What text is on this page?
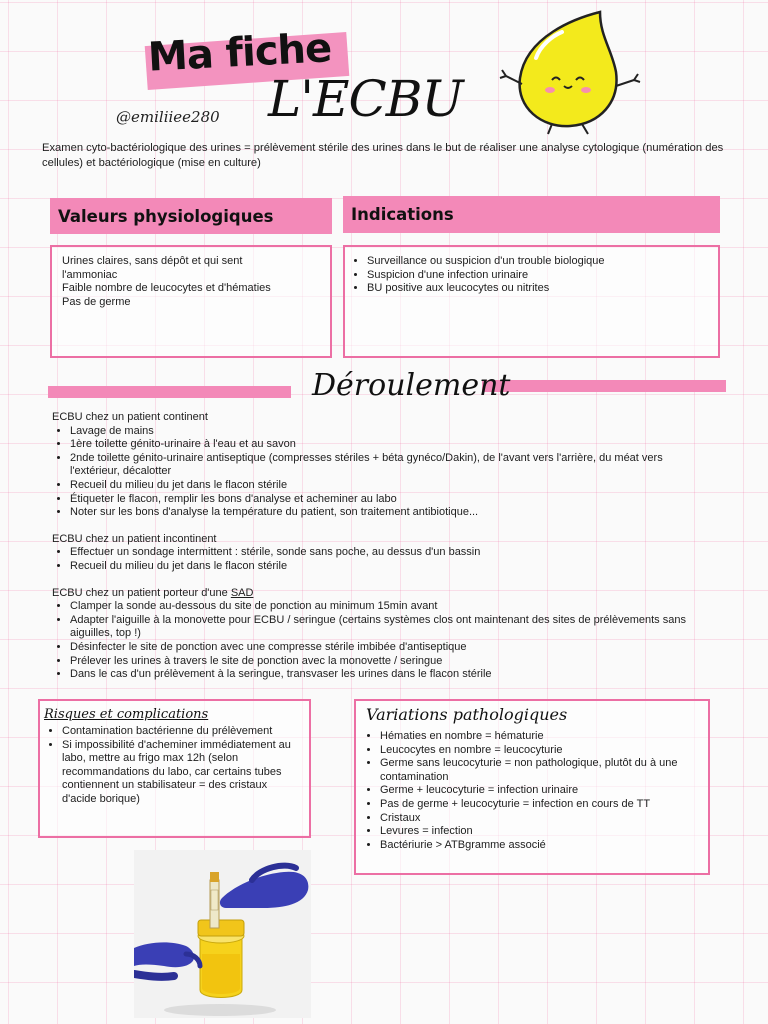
Ma fiche
L'ECBU
@emiliiee280
Examen cyto-bactériologique des urines = prélèvement stérile des urines dans le but de réaliser une analyse cytologique (numération des cellules) et bactériologique (mise en culture)
Valeurs physiologiques
Urines claires, sans dépôt et qui sent l'ammoniac
Faible nombre de leucocytes et d'hématies
Pas de germe
Indications
• Surveillance ou suspicion d'un trouble biologique
• Suspicion d'une infection urinaire
• BU positive aux leucocytes ou nitrites
Déroulement
ECBU chez un patient continent
• Lavage de mains
• 1ère toilette génito-urinaire à l'eau et au savon
• 2nde toilette génito-urinaire antiseptique (compresses stériles + béta gynéco/Dakin), de l'avant vers l'arrière, du méat vers l'extérieur, décalotter
• Recueil du milieu du jet dans le flacon stérile
• Étiqueter le flacon, remplir les bons d'analyse et acheminer au labo
• Noter sur les bons d'analyse la température du patient, son traitement antibiotique...
ECBU chez un patient incontinent
• Effectuer un sondage intermittent : stérile, sonde sans poche, au dessus d'un bassin
• Recueil du milieu du jet dans le flacon stérile
ECBU chez un patient porteur d'une SAD
• Clamper la sonde au-dessous du site de ponction au minimum 15min avant
• Adapter l'aiguille à la monovette pour ECBU / seringue (certains systèmes clos ont maintenant des sites de prélèvements sans aiguilles, top !)
• Désinfecter le site de ponction avec une compresse stérile imbibée d'antiseptique
• Prélever les urines à travers le site de ponction avec la monovette / seringue
• Dans le cas d'un prélèvement à la seringue, transvaser les urines dans le flacon stérile
Risques et complications
• Contamination bactérienne du prélèvement
• Si impossibilité d'acheminer immédiatement au labo, mettre au frigo max 12h (selon recommandations du labo, car certains tubes contiennent un stabilisateur = des cristaux d'acide borique)
Variations pathologiques
• Hématies en nombre = hématurie
• Leucocytes en nombre = leucocyturie
• Germe sans leucocyturie = non pathologique, plutôt du à une contamination
• Germe + leucocyturie = infection urinaire
• Pas de germe + leucocyturie = infection en cours de TT
• Cristaux
• Levures = infection
• Bactériurie > ATBgramme associé
